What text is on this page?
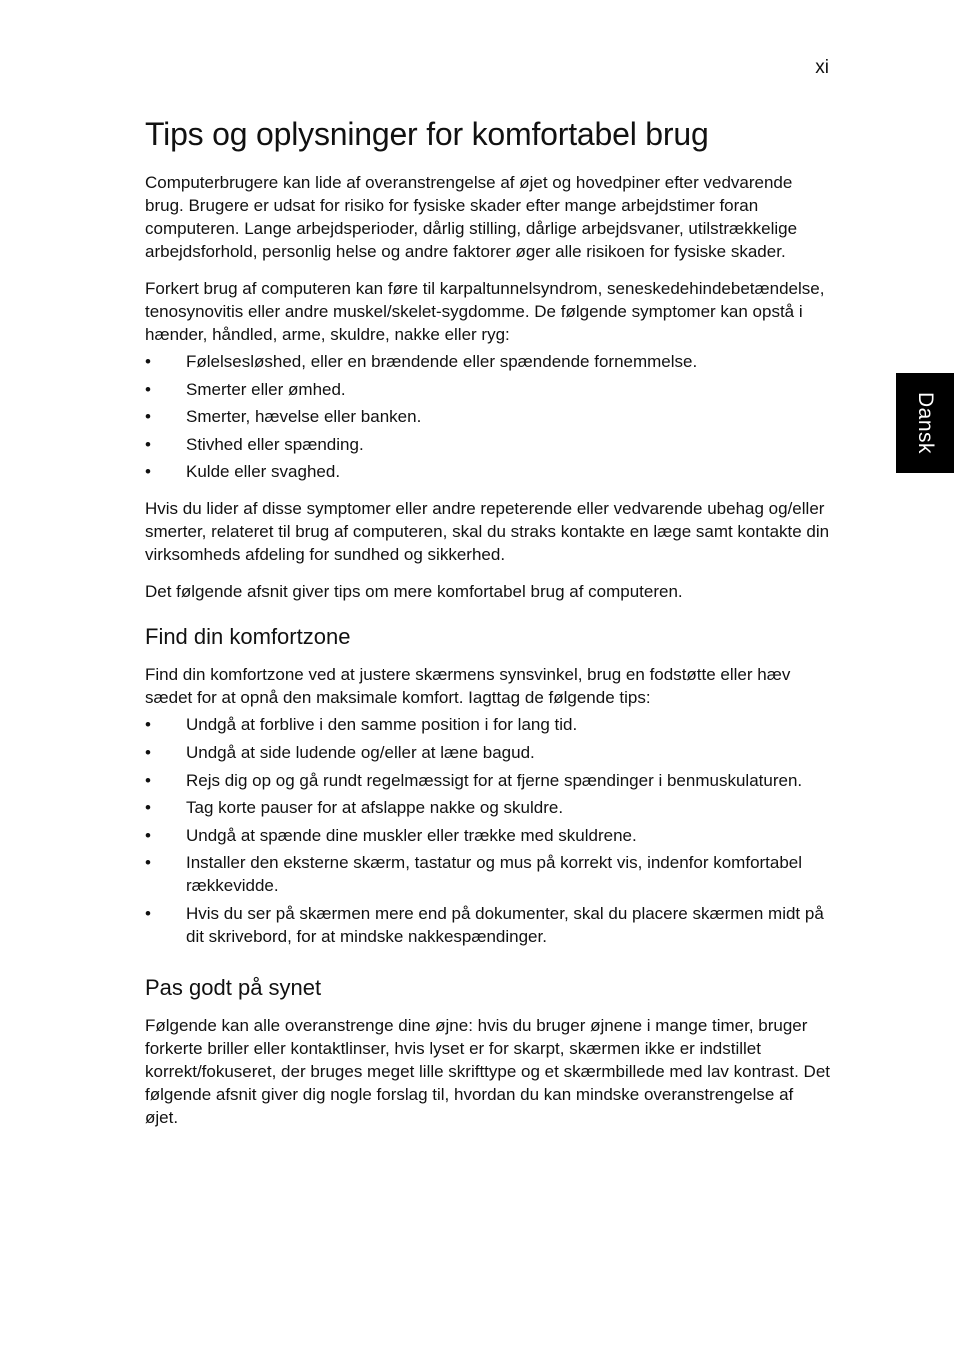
xi
Dansk
Tips og oplysninger for komfortabel brug

Computerbrugere kan lide af overanstrengelse af øjet og hovedpiner efter vedvarende brug. Brugere er udsat for risiko for fysiske skader efter mange arbejdstimer foran computeren. Lange arbejdsperioder, dårlig stilling, dårlige arbejdsvaner, utilstrækkelige arbejdsforhold, personlig helse og andre faktorer øger alle risikoen for fysiske skader.

Forkert brug af computeren kan føre til karpaltunnelsyndrom, seneskedehindebetændelse, tenosynovitis eller andre muskel/skelet-sygdomme. De følgende symptomer kan opstå i hænder, håndled, arme, skuldre, nakke eller ryg:

• Følelsesløshed, eller en brændende eller spændende fornemmelse.
• Smerter eller ømhed.
• Smerter, hævelse eller banken.
• Stivhed eller spænding.
• Kulde eller svaghed.

Hvis du lider af disse symptomer eller andre repeterende eller vedvarende ubehag og/eller smerter, relateret til brug af computeren, skal du straks kontakte en læge samt kontakte din virksomheds afdeling for sundhed og sikkerhed.

Det følgende afsnit giver tips om mere komfortabel brug af computeren.

Find din komfortzone

Find din komfortzone ved at justere skærmens synsvinkel, brug en fodstøtte eller hæv sædet for at opnå den maksimale komfort. Iagttag de følgende tips:

• Undgå at forblive i den samme position i for lang tid.
• Undgå at side ludende og/eller at læne bagud.
• Rejs dig op og gå rundt regelmæssigt for at fjerne spændinger i benmuskulaturen.
• Tag korte pauser for at afslappe nakke og skuldre.
• Undgå at spænde dine muskler eller trække med skuldrene.
• Installer den eksterne skærm, tastatur og mus på korrekt vis, indenfor komfortabel rækkevidde.
• Hvis du ser på skærmen mere end på dokumenter, skal du placere skærmen midt på dit skrivebord, for at mindske nakkespændinger.
Pas godt på synet

Følgende kan alle overanstrenge dine øjne: hvis du bruger øjnene i mange timer, bruger forkerte briller eller kontaktlinser, hvis lyset er for skarpt, skærmen ikke er indstillet korrekt/fokuseret, der bruges meget lille skrifttype og et skærmbillede med lav kontrast. Det følgende afsnit giver dig nogle forslag til, hvordan du kan mindske overanstrengelse af øjet.
